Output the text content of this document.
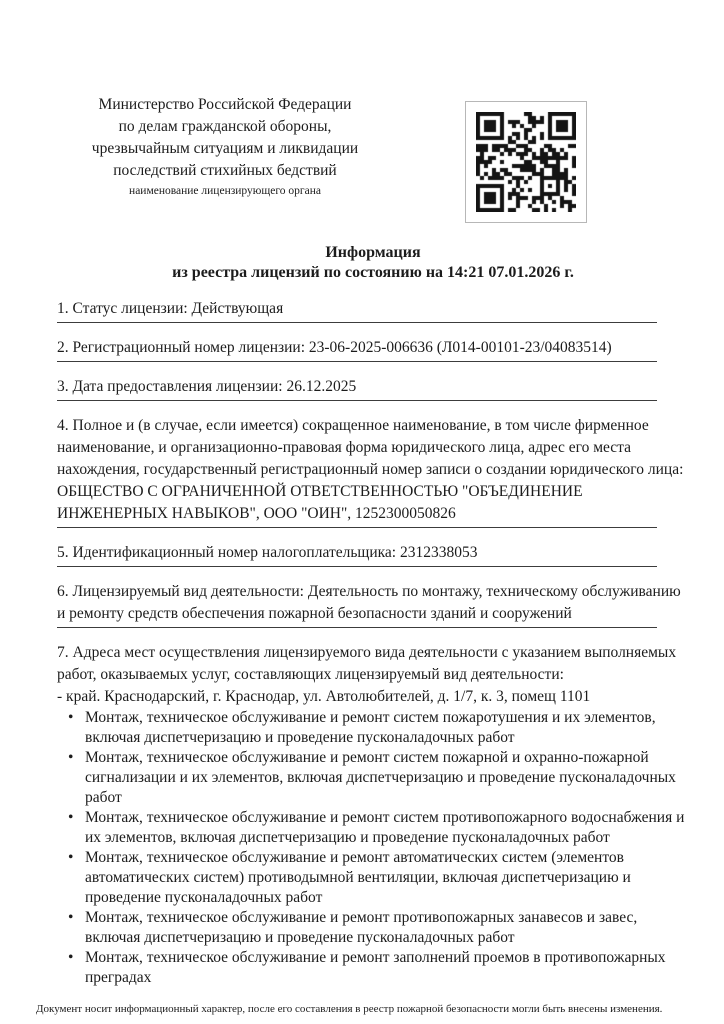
Министерство Российской Федерации
по делам гражданской обороны,
чрезвычайным ситуациям и ликвидации
последствий стихийных бедствий
наименование лицензирующего органа
Информация
из реестра лицензий по состоянию на 14:21 07.01.2026 г.
1. Статус лицензии: Действующая
2. Регистрационный номер лицензии: 23-06-2025-006636 (Л014-00101-23/04083514)
3. Дата предоставления лицензии: 26.12.2025
4. Полное и (в случае, если имеется) сокращенное наименование, в том числе фирменное наименование, и организационно-правовая форма юридического лица, адрес его места нахождения, государственный регистрационный номер записи о создании юридического лица: ОБЩЕСТВО С ОГРАНИЧЕННОЙ ОТВЕТСТВЕННОСТЬЮ "ОБЪЕДИНЕНИЕ ИНЖЕНЕРНЫХ НАВЫКОВ", ООО "ОИН", 1252300050826
5. Идентификационный номер налогоплательщика: 2312338053
6. Лицензируемый вид деятельности: Деятельность по монтажу, техническому обслуживанию и ремонту средств обеспечения пожарной безопасности зданий и сооружений
7. Адреса мест осуществления лицензируемого вида деятельности с указанием выполняемых работ, оказываемых услуг, составляющих лицензируемый вид деятельности:
- край. Краснодарский, г. Краснодар, ул. Автолюбителей, д. 1/7, к. 3, помещ 1101
• Монтаж, техническое обслуживание и ремонт систем пожаротушения и их элементов, включая диспетчеризацию и проведение пусконаладочных работ
• Монтаж, техническое обслуживание и ремонт систем пожарной и охранно-пожарной сигнализации и их элементов, включая диспетчеризацию и проведение пусконаладочных работ
• Монтаж, техническое обслуживание и ремонт систем противопожарного водоснабжения и их элементов, включая диспетчеризацию и проведение пусконаладочных работ
• Монтаж, техническое обслуживание и ремонт автоматических систем (элементов автоматических систем) противодымной вентиляции, включая диспетчеризацию и проведение пусконаладочных работ
• Монтаж, техническое обслуживание и ремонт противопожарных занавесов и завес, включая диспетчеризацию и проведение пусконаладочных работ
• Монтаж, техническое обслуживание и ремонт заполнений проемов в противопожарных преградах
Документ носит информационный характер, после его составления в реестр пожарной безопасности могли быть внесены изменения.
